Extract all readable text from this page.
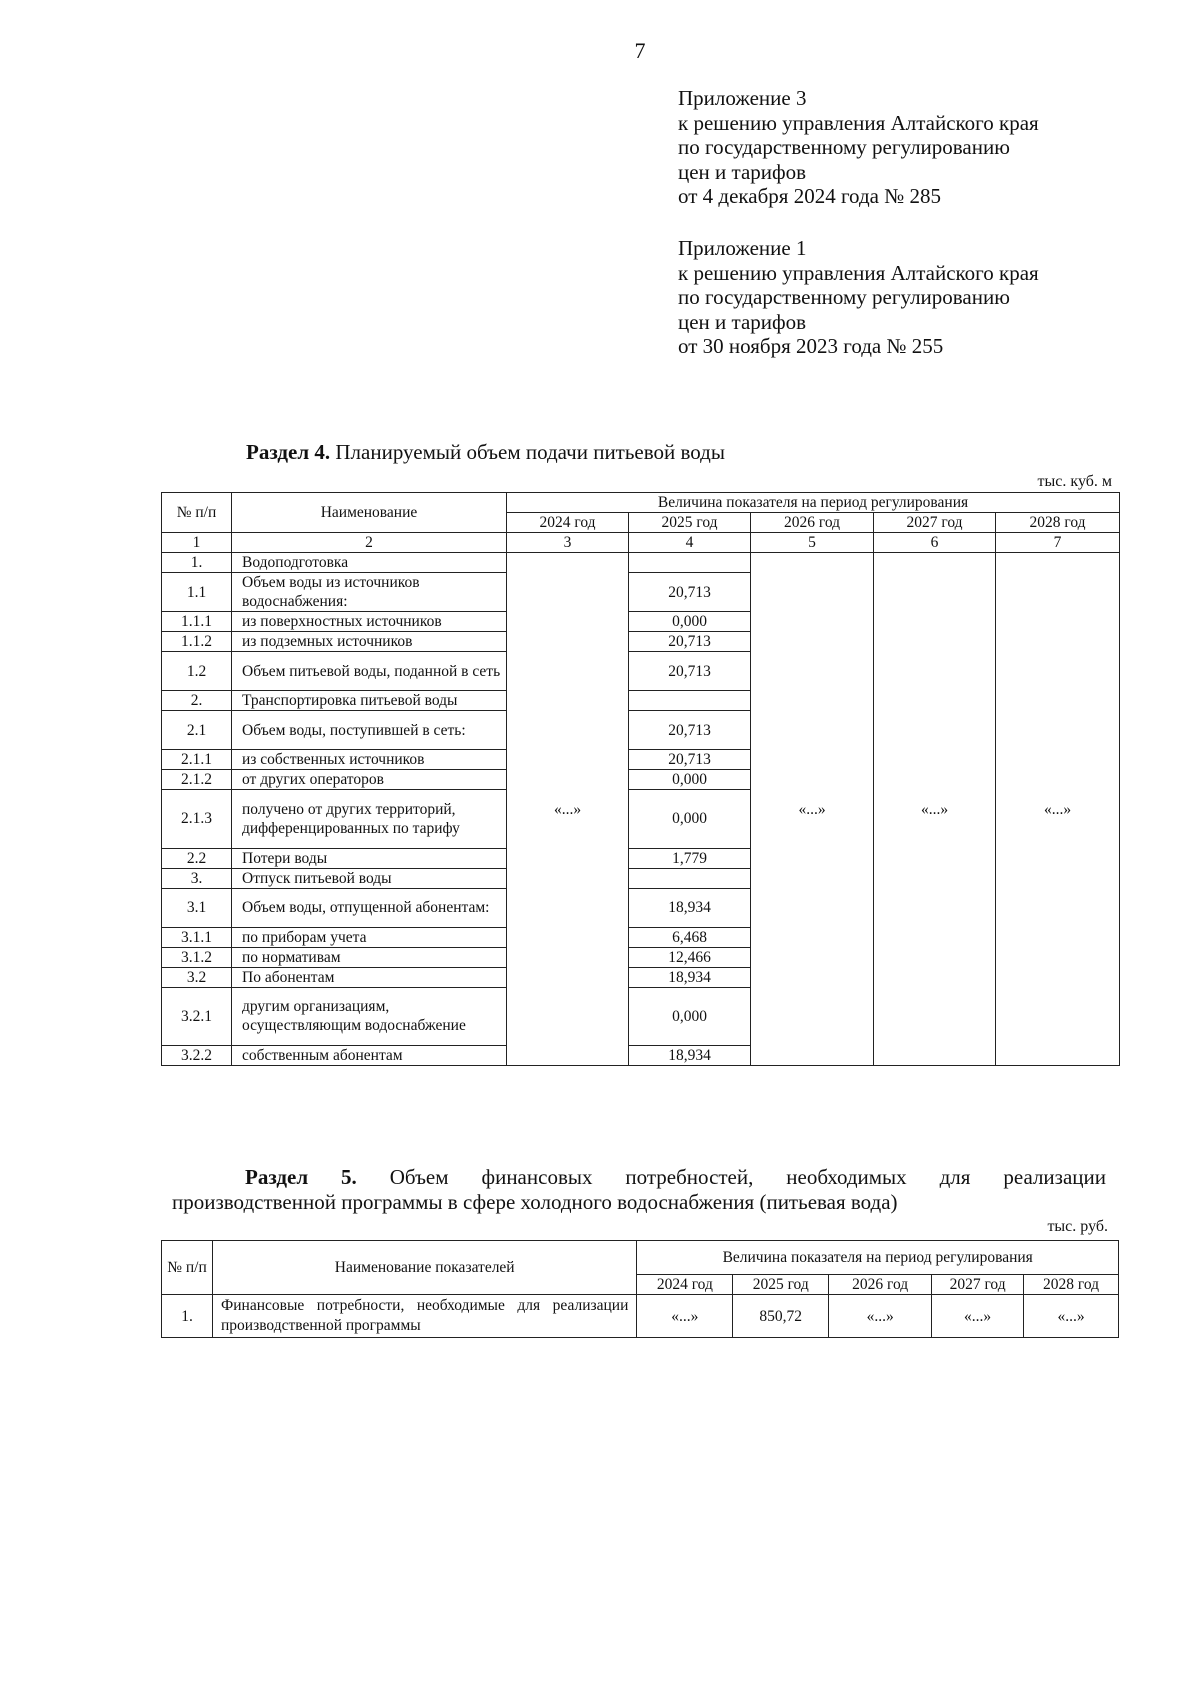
7
Приложение 3
к решению управления Алтайского края
по государственному регулированию
цен и тарифов
от 4 декабря 2024 года № 285
Приложение 1
к решению управления Алтайского края
по государственному регулированию
цен и тарифов
от 30 ноября 2023 года № 255
Раздел 4. Планируемый объем подачи питьевой воды
тыс. куб. м
№ п/п	Наименование	Величина показателя на период регулирования				
		2024 год	2025 год	2026 год	2027 год	2028 год
1	2	3	4	5	6	7
1.	Водоподготовка	«...»		«...»	«...»	«...»
1.1	Объем воды из источников водоснабжения:		20,713			
1.1.1	из поверхностных источников		0,000			
1.1.2	из подземных источников		20,713			
1.2	Объем питьевой воды, поданной в сеть		20,713			
2.	Транспортировка питьевой воды					
2.1	Объем воды, поступившей в сеть:		20,713			
2.1.1	из собственных источников		20,713			
2.1.2	от других операторов		0,000			
2.1.3	получено от других территорий, дифференцированных по тарифу		0,000			
2.2	Потери воды		1,779			
3.	Отпуск питьевой воды					
3.1	Объем воды, отпущенной абонентам:		18,934			
3.1.1	по приборам учета		6,468			
3.1.2	по нормативам		12,466			
3.2	По абонентам		18,934			
3.2.1	другим организациям, осуществляющим водоснабжение		0,000			
3.2.2	собственным абонентам		18,934			
Раздел 5. Объем финансовых потребностей, необходимых для реализации
производственной программы в сфере холодного водоснабжения (питьевая вода)
тыс. руб.
№ п/п	Наименование показателей	Величина показателя на период регулирования				
		2024 год	2025 год	2026 год	2027 год	2028 год
1.	Финансовые потребности, необходимые для реализации производственной программы	«...»	850,72	«...»	«...»	«...»
